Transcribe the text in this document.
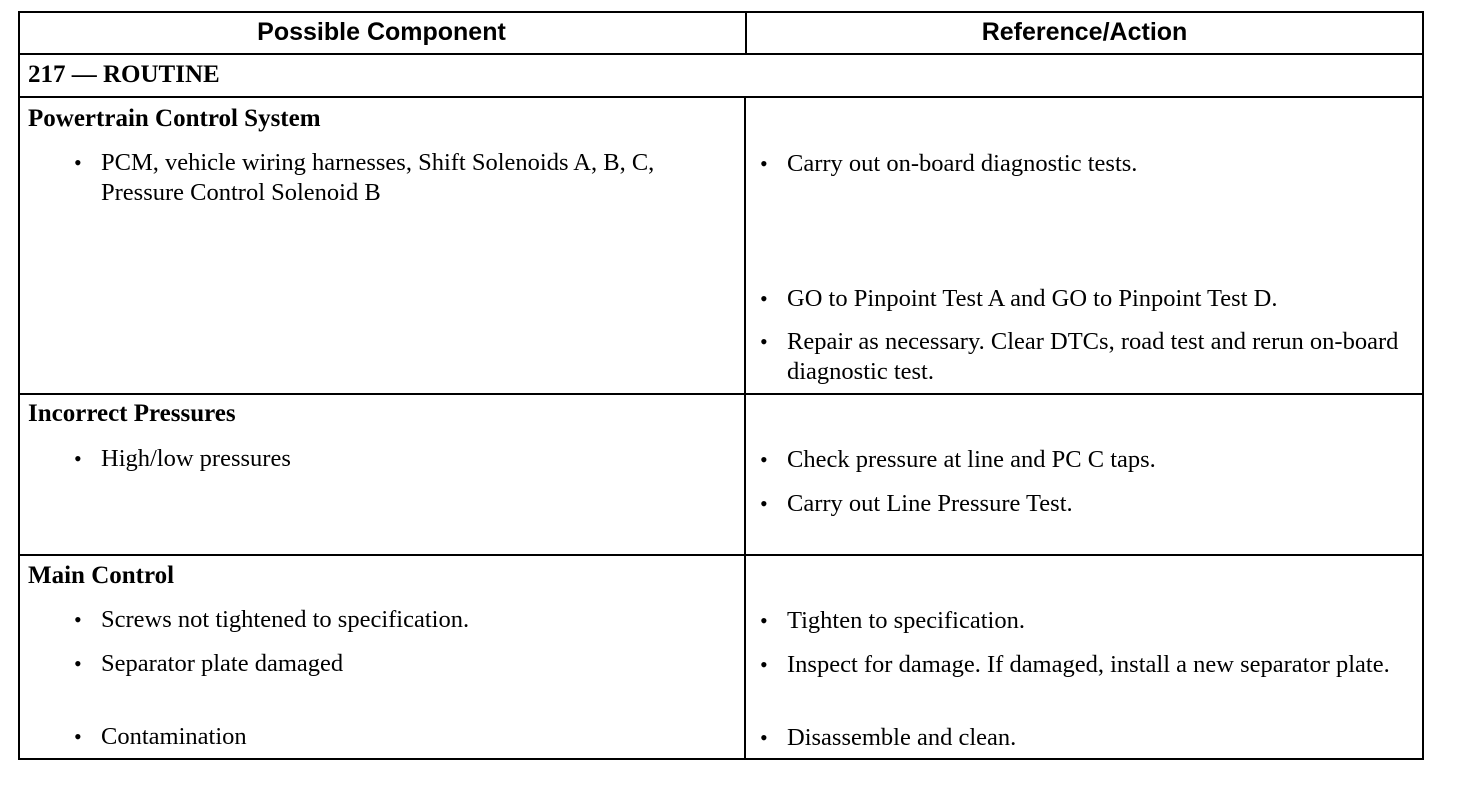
Possible Component	Reference/Action
217 — ROUTINE
Powertrain Control System
• PCM, vehicle wiring harnesses, Shift Solenoids A, B, C, Pressure Control Solenoid B
• Carry out on-board diagnostic tests.
• GO to Pinpoint Test A and GO to Pinpoint Test D.
• Repair as necessary. Clear DTCs, road test and rerun on-board diagnostic test.
Incorrect Pressures
• High/low pressures
•	Check pressure at line and PC C taps.
• Carry out Line Pressure Test.
Main Control
• Screws not tightened to specification.
• Separator plate damaged
• Contamination
• Tighten to specification.
• Inspect for damage. If damaged, install a new separator plate.
• Disassemble and clean.
